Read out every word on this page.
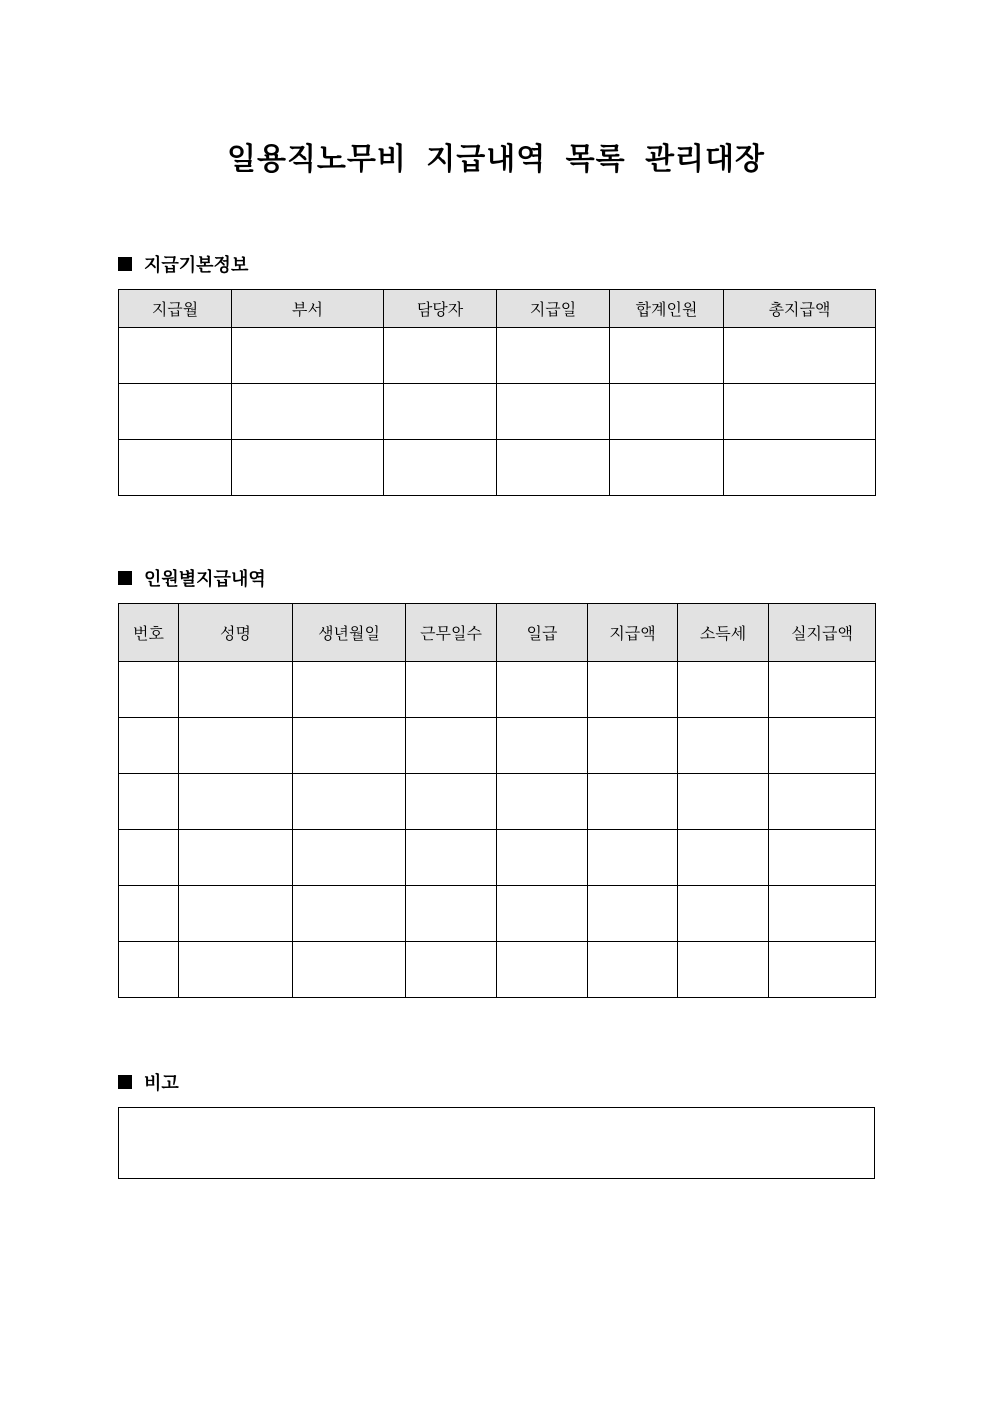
일용직노무비 지급내역 목록 관리대장
지급기본정보
지급월	부서	담당자	지급일	합계인원	총지급액

인원별지급내역
번호	성명	생년월일	근무일수	일급	지급액	소득세	실지급액

비고
